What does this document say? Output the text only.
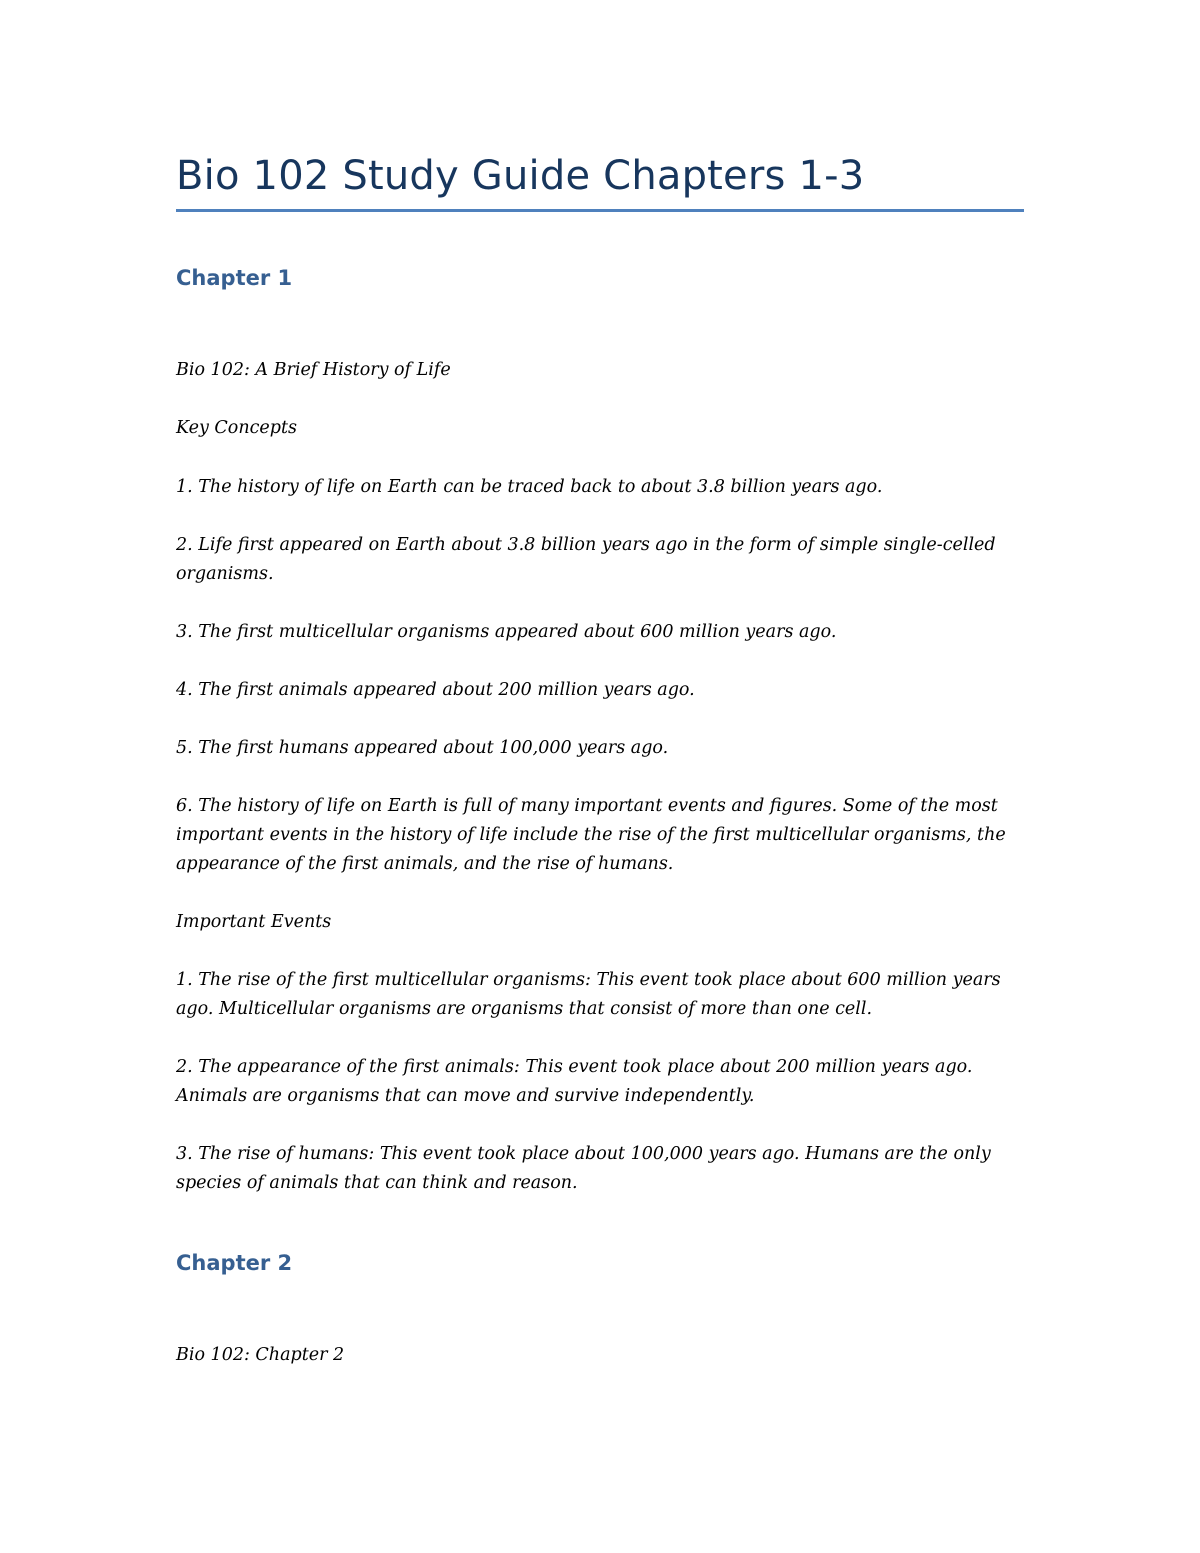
Bio 102 Study Guide Chapters 1-3
Chapter 1

Bio 102: A Brief History of Life

Key Concepts

1. The history of life on Earth can be traced back to about 3.8 billion years ago.

2. Life first appeared on Earth about 3.8 billion years ago in the form of simple single-celled

organisms.

3. The first multicellular organisms appeared about 600 million years ago.

4. The first animals appeared about 200 million years ago.

5. The first humans appeared about 100,000 years ago.

6. The history of life on Earth is full of many important events and figures. Some of the most

important events in the history of life include the rise of the first multicellular organisms, the

appearance of the first animals, and the rise of humans.

Important Events

1. The rise of the first multicellular organisms: This event took place about 600 million years

ago. Multicellular organisms are organisms that consist of more than one cell.

2. The appearance of the first animals: This event took place about 200 million years ago.

Animals are organisms that can move and survive independently.

3. The rise of humans: This event took place about 100,000 years ago. Humans are the only

species of animals that can think and reason.

Chapter 2

Bio 102: Chapter 2
